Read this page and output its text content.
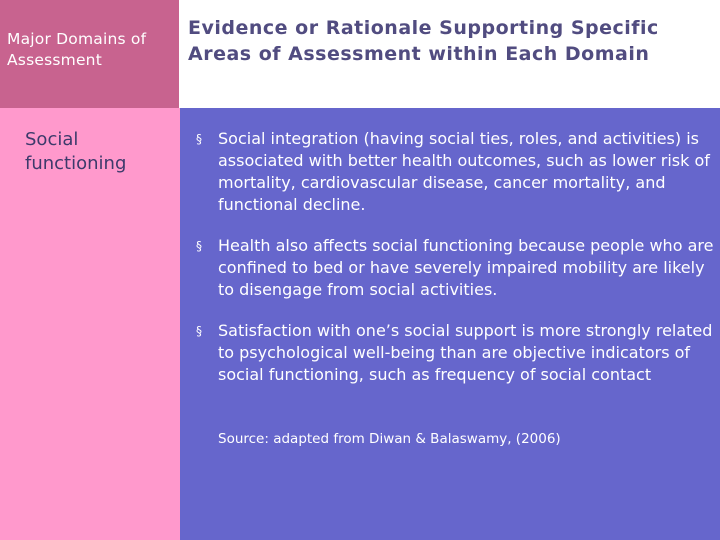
Major Domains of Assessment
Evidence or Rationale Supporting Specific Areas of Assessment within Each Domain
Social functioning
§ Social integration (having social ties, roles, and activities) is associated with better health outcomes, such as lower risk of mortality, cardiovascular disease, cancer mortality, and functional decline.
§ Health also affects social functioning because people who are confined to bed or have severely impaired mobility are likely to disengage from social activities.
§ Satisfaction with one’s social support is more strongly related to psychological well-being than are objective indicators of social functioning, such as frequency of social contact
Source: adapted from Diwan & Balaswamy, (2006)
